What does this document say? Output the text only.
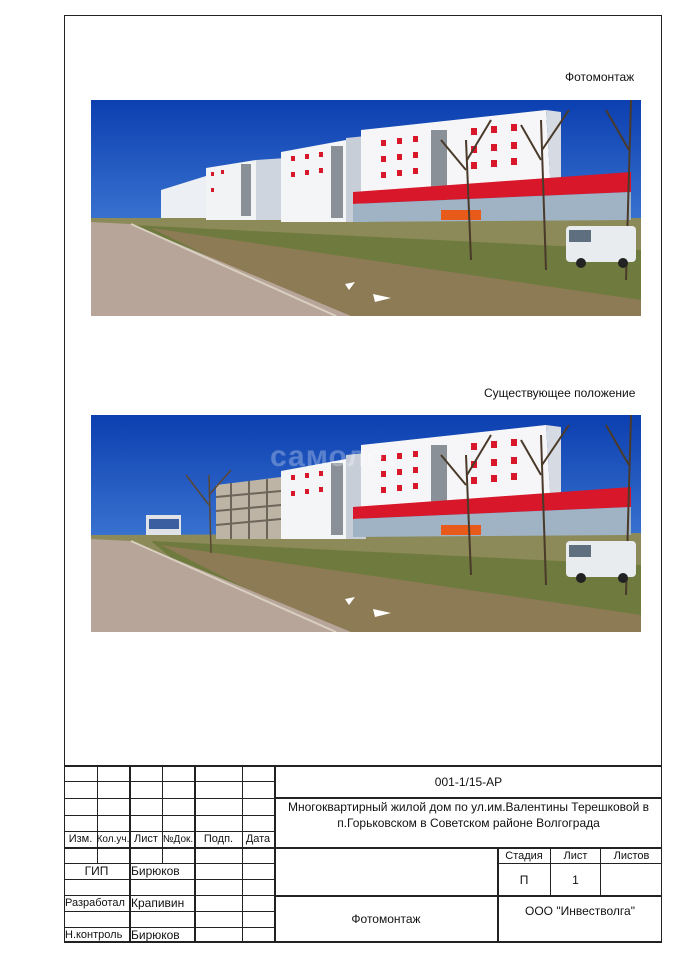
Фотомонтаж
Существующее положение
самолет
001-1/15-АР
Многоквартирный жилой дом по ул.им.Валентины Терешковой в
п.Горьковском в Советском районе Волгограда
Изм. Кол.уч. Лист №Док. Подп.	Дата
ГИП	Бирюков
Разработал Крапивин
Н.контроль Бирюков
Стадия	Лист	Листов
П	1
Фотомонтаж
ООО "Инвестволга"
